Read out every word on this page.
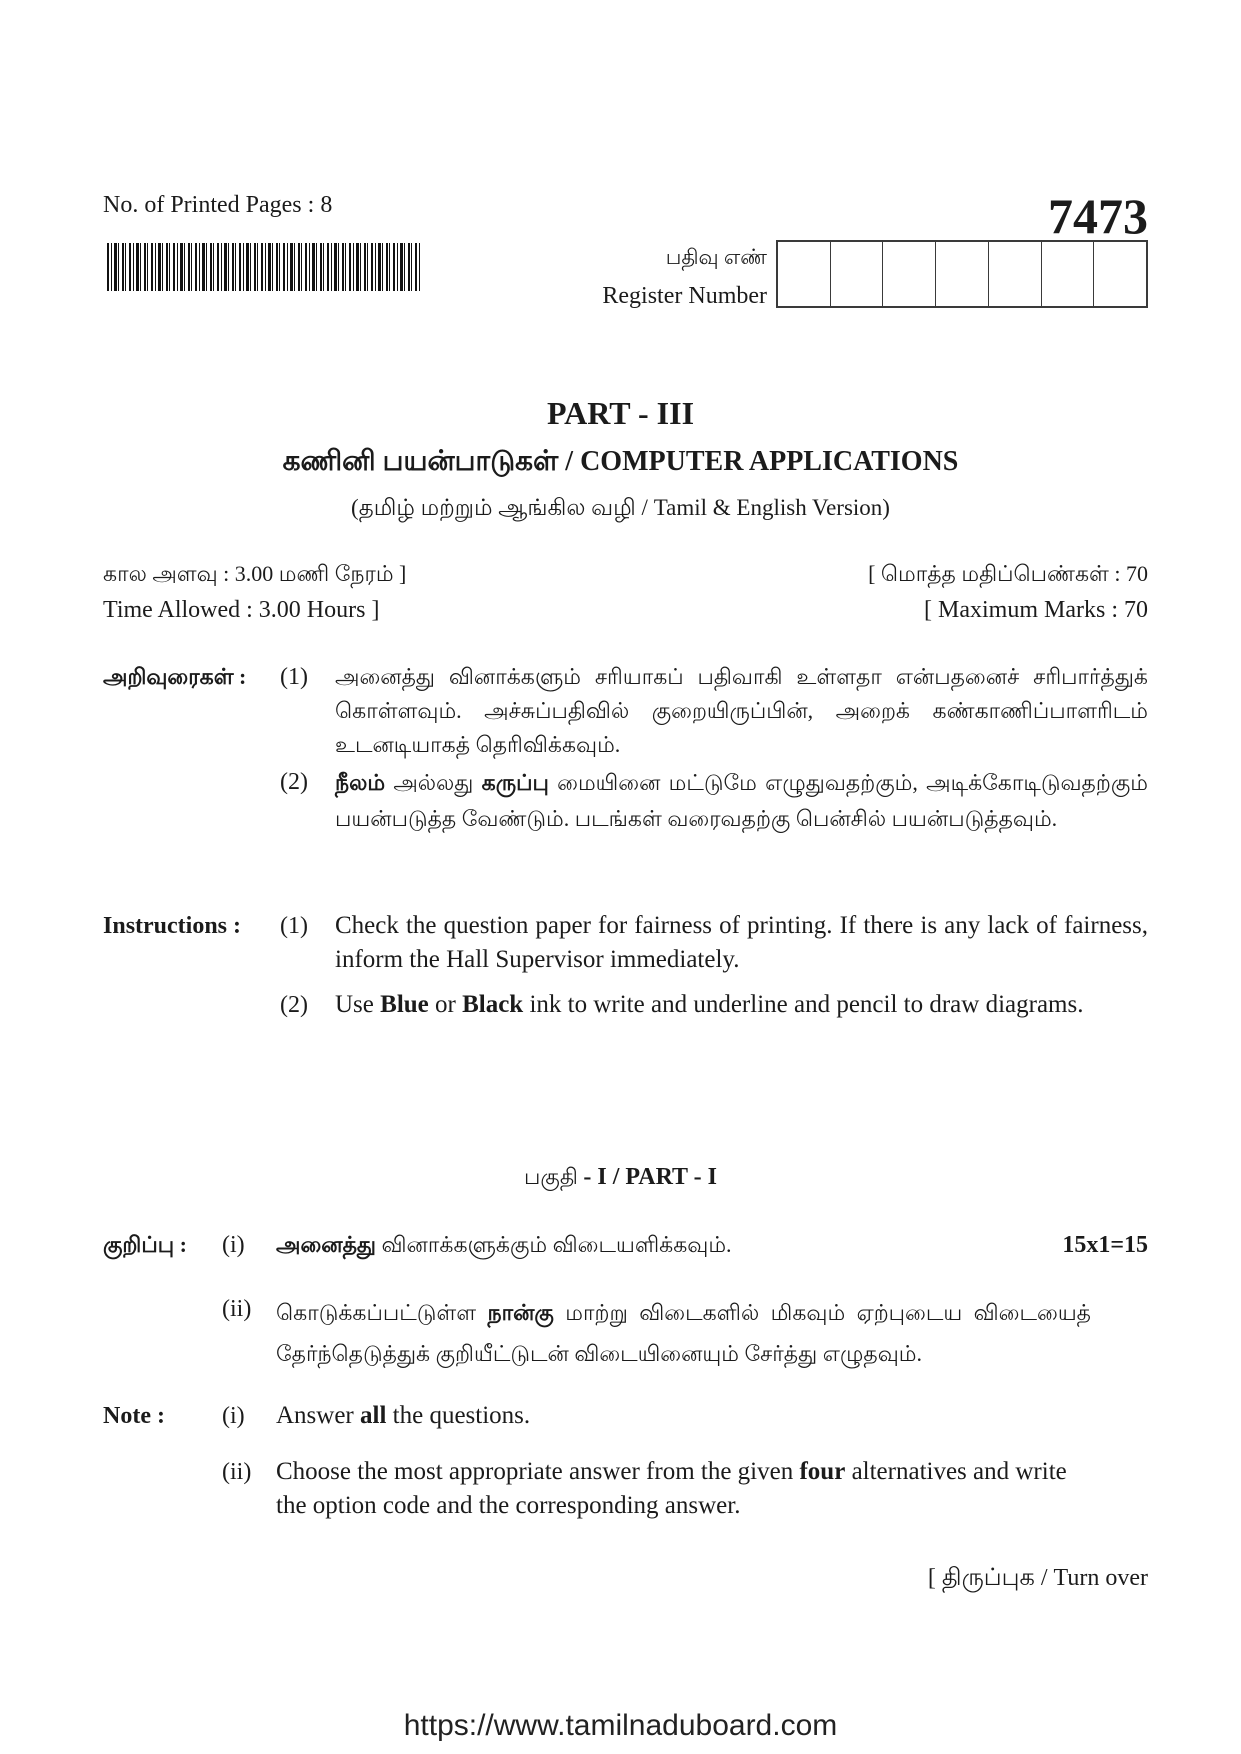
No. of Printed Pages : 8	7473
பதிவு எண்
Register Number
PART - III
கணினி பயன்பாடுகள் / COMPUTER APPLICATIONS
(தமிழ் மற்றும் ஆங்கில வழி / Tamil & English Version)
கால அளவு : 3.00 மணி நேரம் ]	[ மொத்த மதிப்பெண்கள் : 70
Time Allowed : 3.00 Hours ]	[ Maximum Marks : 70
அறிவுரைகள் : (1) அனைத்து வினாக்களும் சரியாகப் பதிவாகி உள்ளதா என்பதனைச் சரிபார்த்துக் கொள்ளவும். அச்சுப்பதிவில் குறையிருப்பின், அறைக் கண்காணிப்பாளரிடம் உடனடியாகத் தெரிவிக்கவும்.
(2) நீலம் அல்லது கருப்பு மையினை மட்டுமே எழுதுவதற்கும், அடிக்கோடிடுவதற்கும் பயன்படுத்த வேண்டும். படங்கள் வரைவதற்கு பென்சில் பயன்படுத்தவும்.
Instructions : (1) Check the question paper for fairness of printing. If there is any lack of fairness, inform the Hall Supervisor immediately.
(2) Use Blue or Black ink to write and underline and pencil to draw diagrams.
பகுதி - I / PART - I
குறிப்பு : (i) அனைத்து வினாக்களுக்கும் விடையளிக்கவும்.	15x1=15
(ii) கொடுக்கப்பட்டுள்ள நான்கு மாற்று விடைகளில் மிகவும் ஏற்புடைய விடையைத் தேர்ந்தெடுத்துக் குறியீட்டுடன் விடையினையும் சேர்த்து எழுதவும்.
Note : (i) Answer all the questions.
(ii) Choose the most appropriate answer from the given four alternatives and write the option code and the corresponding answer.
[ திருப்புக / Turn over
https://www.tamilnaduboard.com
